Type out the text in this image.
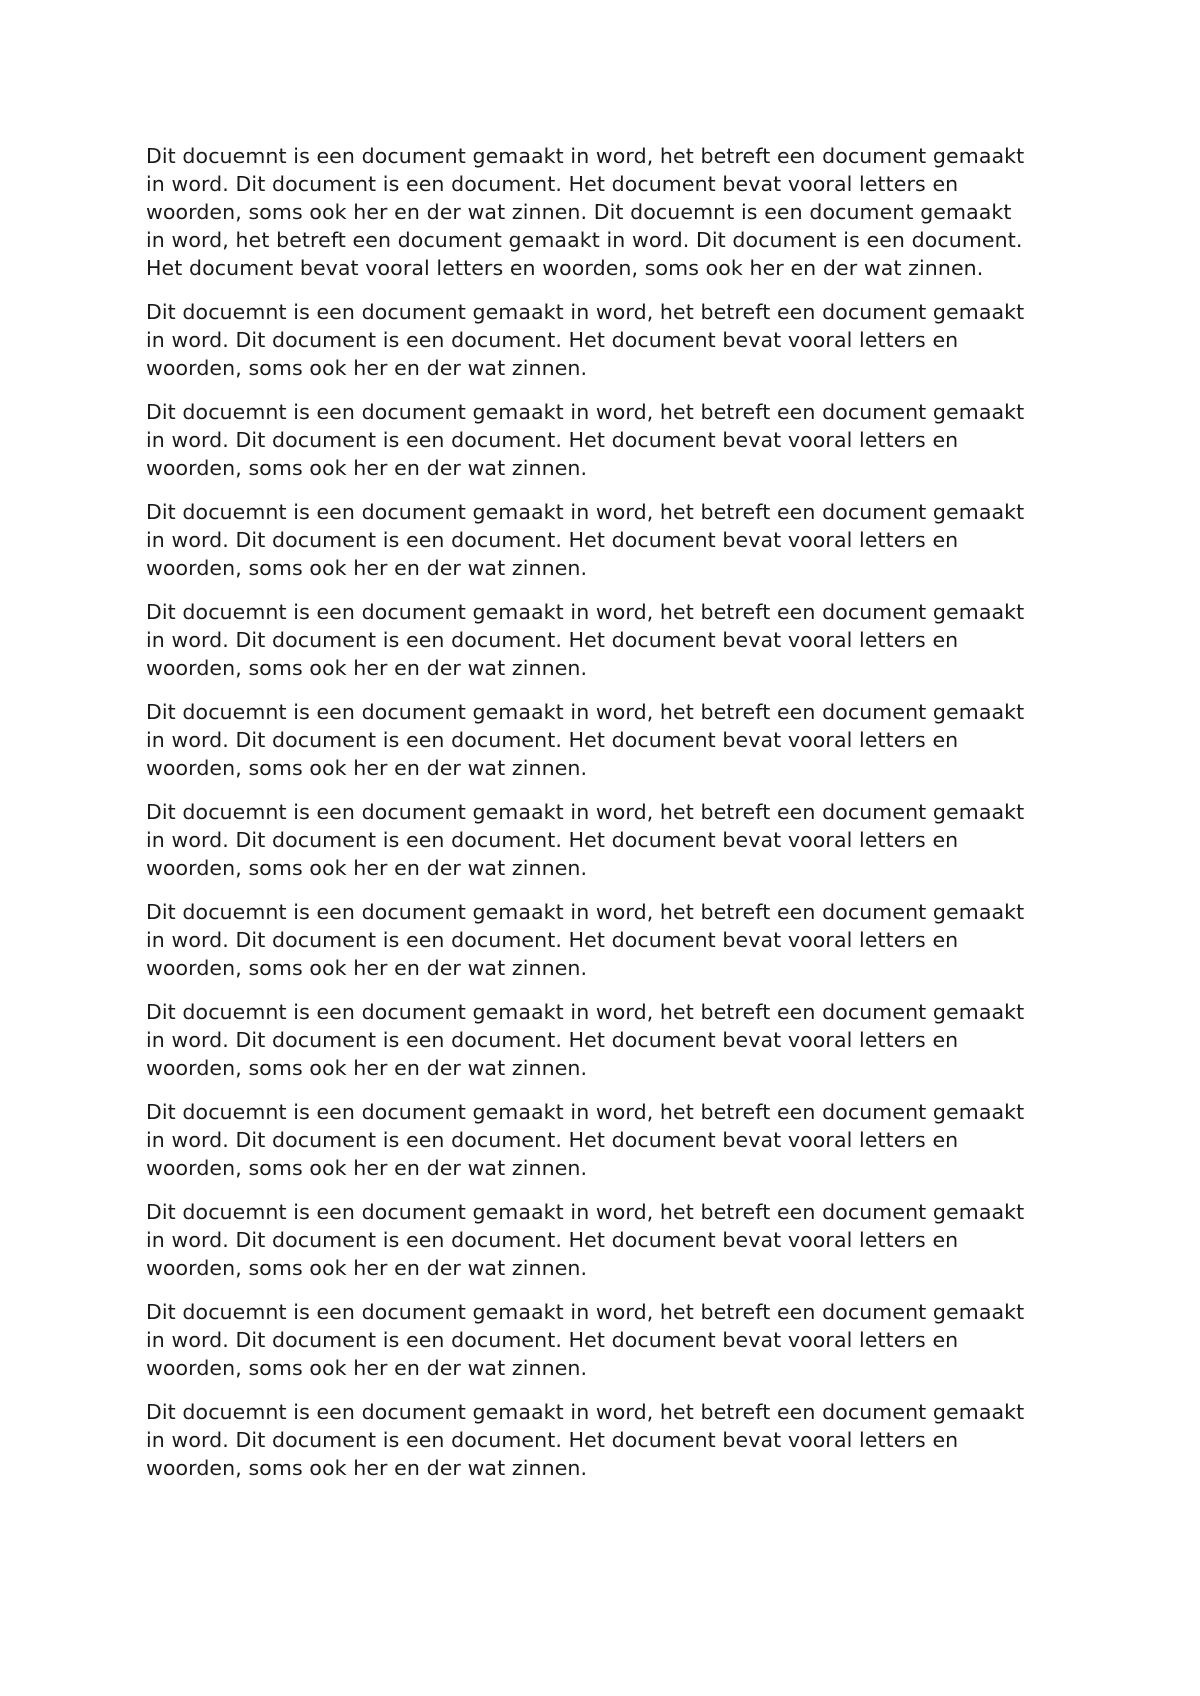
Dit docuemnt is een document gemaakt in word, het betreft een document gemaakt in word. Dit document is een document. Het document bevat vooral letters en woorden, soms ook her en der wat zinnen. Dit docuemnt is een document gemaakt in word, het betreft een document gemaakt in word. Dit document is een document. Het document bevat vooral letters en woorden, soms ook her en der wat zinnen.

Dit docuemnt is een document gemaakt in word, het betreft een document gemaakt in word. Dit document is een document. Het document bevat vooral letters en woorden, soms ook her en der wat zinnen.

Dit docuemnt is een document gemaakt in word, het betreft een document gemaakt in word. Dit document is een document. Het document bevat vooral letters en woorden, soms ook her en der wat zinnen.

Dit docuemnt is een document gemaakt in word, het betreft een document gemaakt in word. Dit document is een document. Het document bevat vooral letters en woorden, soms ook her en der wat zinnen.

Dit docuemnt is een document gemaakt in word, het betreft een document gemaakt in word. Dit document is een document. Het document bevat vooral letters en woorden, soms ook her en der wat zinnen.

Dit docuemnt is een document gemaakt in word, het betreft een document gemaakt in word. Dit document is een document. Het document bevat vooral letters en woorden, soms ook her en der wat zinnen.

Dit docuemnt is een document gemaakt in word, het betreft een document gemaakt in word. Dit document is een document. Het document bevat vooral letters en woorden, soms ook her en der wat zinnen.

Dit docuemnt is een document gemaakt in word, het betreft een document gemaakt in word. Dit document is een document. Het document bevat vooral letters en woorden, soms ook her en der wat zinnen.

Dit docuemnt is een document gemaakt in word, het betreft een document gemaakt in word. Dit document is een document. Het document bevat vooral letters en woorden, soms ook her en der wat zinnen.

Dit docuemnt is een document gemaakt in word, het betreft een document gemaakt in word. Dit document is een document. Het document bevat vooral letters en woorden, soms ook her en der wat zinnen.

Dit docuemnt is een document gemaakt in word, het betreft een document gemaakt in word. Dit document is een document. Het document bevat vooral letters en woorden, soms ook her en der wat zinnen.

Dit docuemnt is een document gemaakt in word, het betreft een document gemaakt in word. Dit document is een document. Het document bevat vooral letters en woorden, soms ook her en der wat zinnen.

Dit docuemnt is een document gemaakt in word, het betreft een document gemaakt in word. Dit document is een document. Het document bevat vooral letters en woorden, soms ook her en der wat zinnen.
